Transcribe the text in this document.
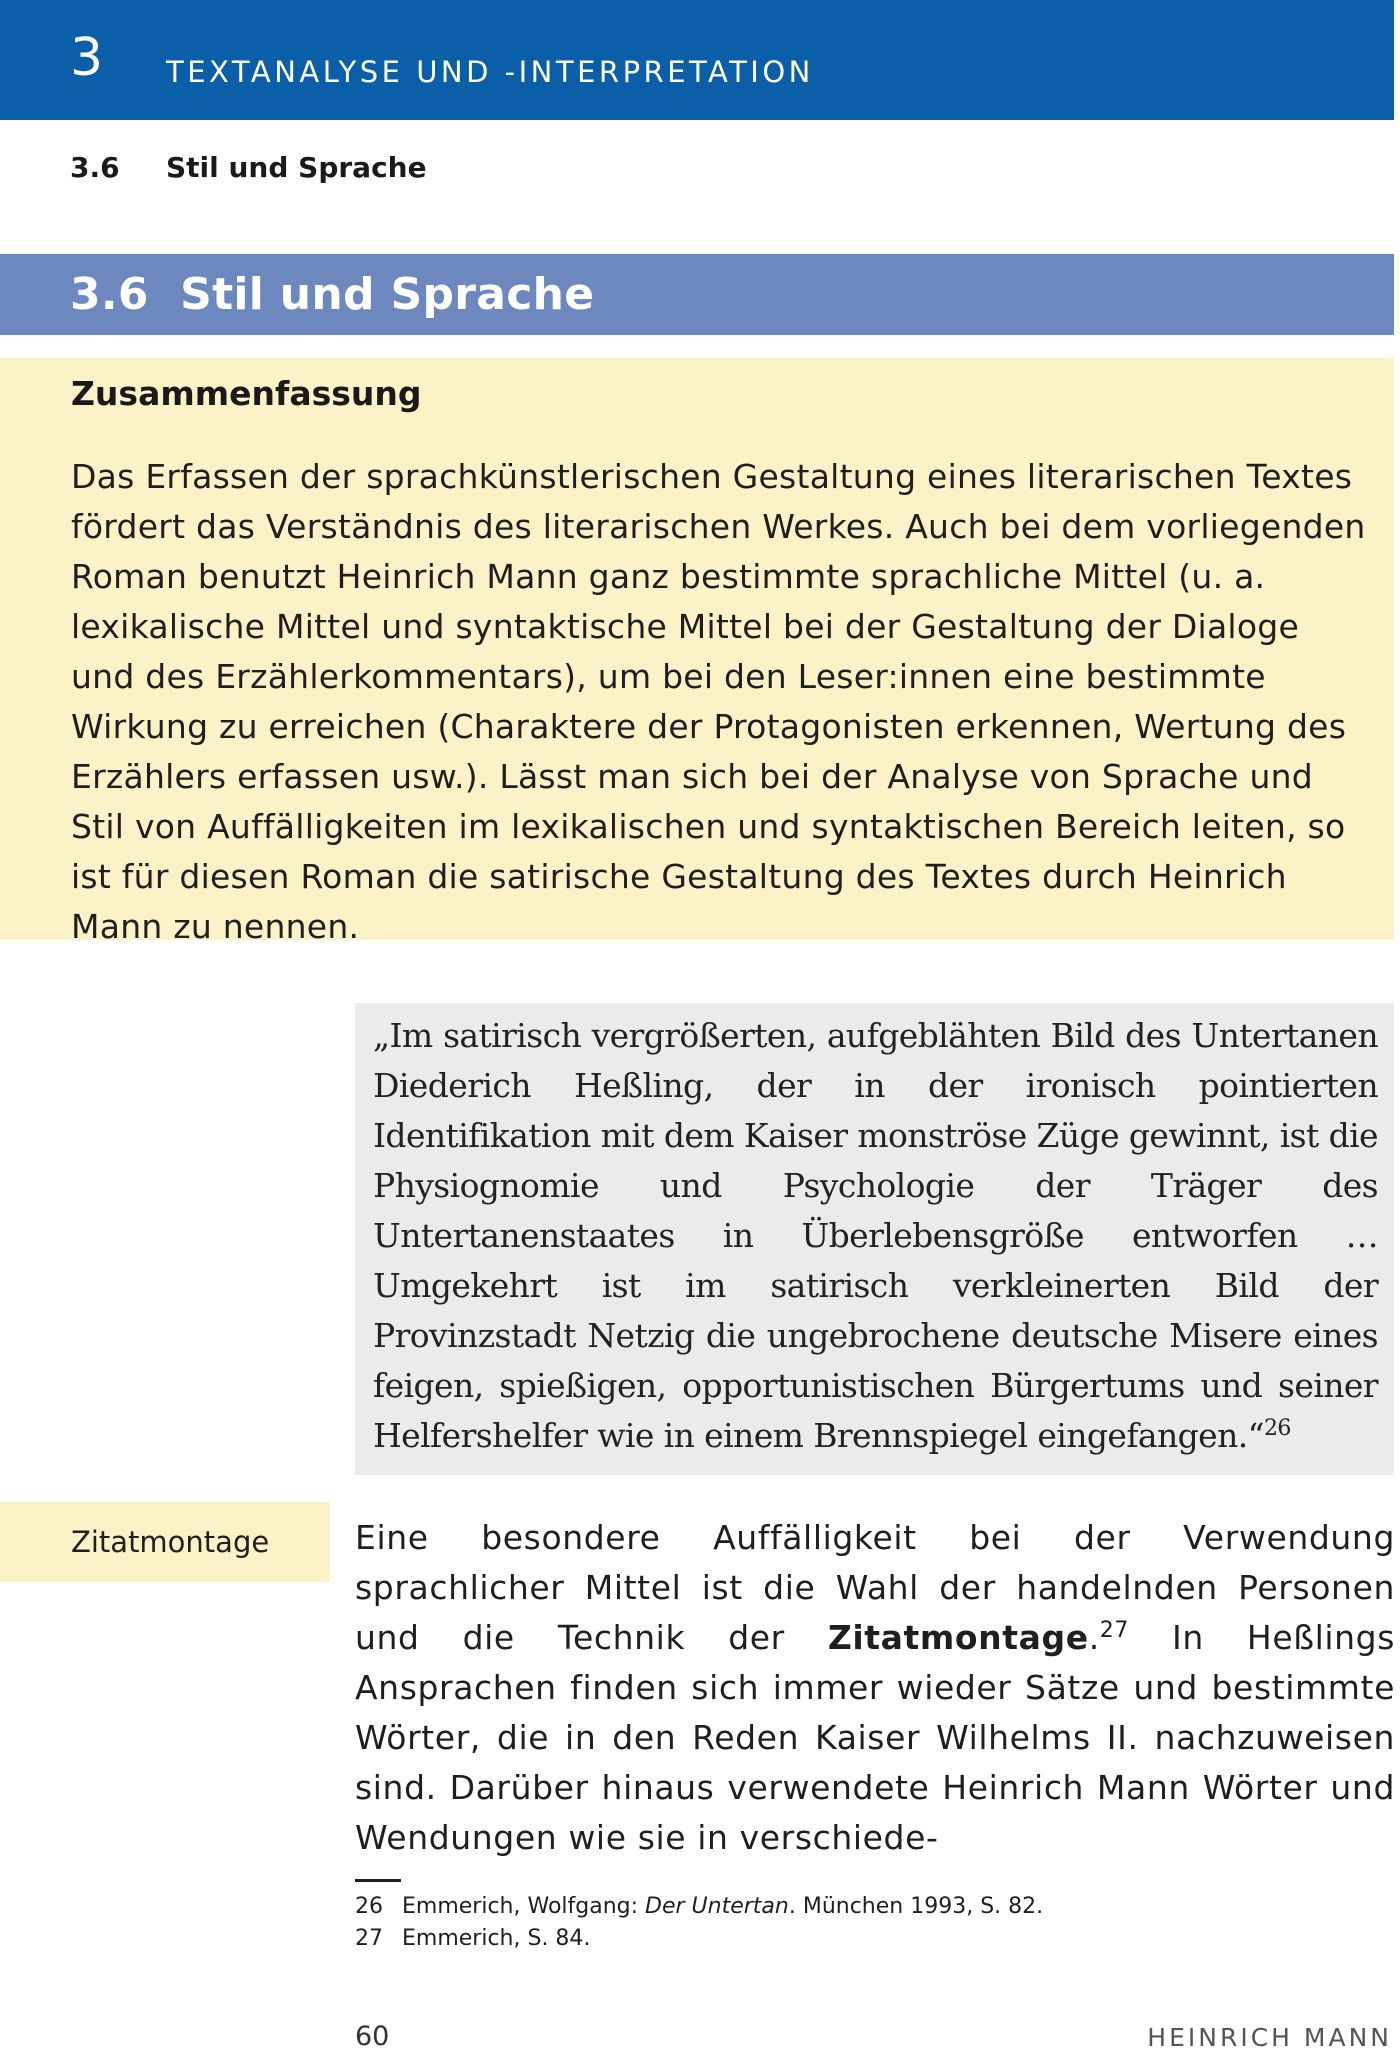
3 TEXTANALYSE UND -INTERPRETATION
3.6 Stil und Sprache
3.6  Stil und Sprache
Zusammenfassung

Das Erfassen der sprachkünstlerischen Gestaltung eines literarischen Textes fördert das Verständnis des literarischen Werkes. Auch bei dem vorliegenden Roman benutzt Heinrich Mann ganz bestimmte sprachliche Mittel (u. a. lexikalische Mittel und syntaktische Mittel bei der Gestaltung der Dialoge und des Erzählerkommentars), um bei den Leser:innen eine bestimmte Wirkung zu erreichen (Charaktere der Protagonisten erkennen, Wertung des Erzählers erfassen usw.). Lässt man sich bei der Analyse von Sprache und Stil von Auffälligkeiten im lexikalischen und syntaktischen Bereich leiten, so ist für diesen Roman die satirische Gestaltung des Textes durch Heinrich Mann zu nennen.

„Im satirisch vergrößerten, aufgeblähten Bild des Untertanen Diederich Heßling, der in der ironisch pointierten Identifikation mit dem Kaiser monströse Züge gewinnt, ist die Physiognomie und Psychologie der Träger des Untertanenstaates in Überlebensgröße entworfen … Umgekehrt ist im satirisch verkleinerten Bild der Provinzstadt Netzig die ungebrochene deutsche Misere eines feigen, spießigen, opportunistischen Bürgertums und seiner Helfershelfer wie in einem Brennspiegel eingefangen.“$^{26}$

Zitatmontage	Eine besondere Auffälligkeit bei der Verwendung sprachlicher Mittel ist die Wahl der handelnden Personen und die Technik der Zitatmontage.$^{27}$ In Heßlings Ansprachen finden sich immer wieder Sätze und bestimmte Wörter, die in den Reden Kaiser Wilhelms II. nachzuweisen sind. Darüber hinaus verwendete Heinrich Mann Wörter und Wendungen wie sie in verschiede-

26 Emmerich, Wolfgang: Der Untertan. München 1993, S. 82.
27 Emmerich, S. 84.
60	HEINRICH MANN
